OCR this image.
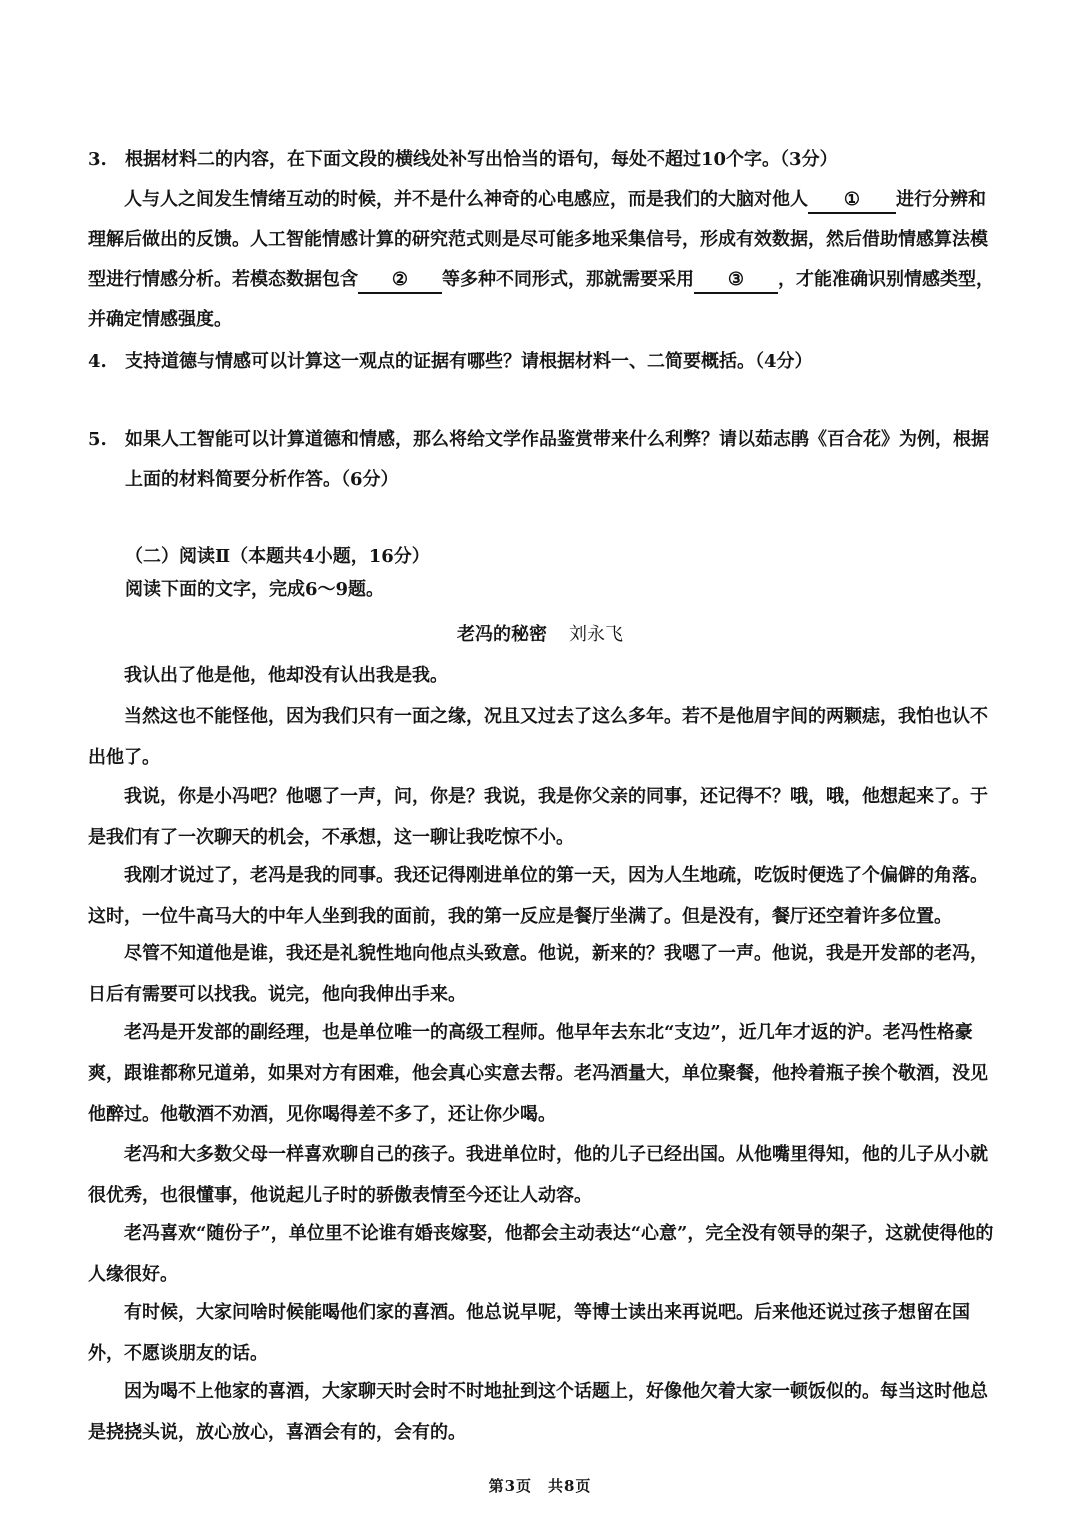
3.	根据材料二的内容，在下面文段的横线处补写出恰当的语句，每处不超过10个字。（3分）
人与人之间发生情绪互动的时候，并不是什么神奇的心电感应，而是我们的大脑对他人 ① 进行分辨和理解后做出的反馈。人工智能情感计算的研究范式则是尽可能多地采集信号，形成有效数据，然后借助情感算法模型进行情感分析。若模态数据包含 ② 等多种不同形式，那就需要采用 ③ ，才能准确识别情感类型，并确定情感强度。
4.	支持道德与情感可以计算这一观点的证据有哪些？请根据材料一、二简要概括。（4分）
5.	如果人工智能可以计算道德和情感，那么将给文学作品鉴赏带来什么利弊？请以茹志鹃《百合花》为例，根据上面的材料简要分析作答。（6分）
（二）阅读Ⅱ（本题共4小题，16分）
阅读下面的文字，完成6～9题。
老冯的秘密 刘永飞
我认出了他是他，他却没有认出我是我。
当然这也不能怪他，因为我们只有一面之缘，况且又过去了这么多年。若不是他眉宇间的两颗痣，我怕也认不出他了。
我说，你是小冯吧？他嗯了一声，问，你是？我说，我是你父亲的同事，还记得不？哦，哦，他想起来了。于是我们有了一次聊天的机会，不承想，这一聊让我吃惊不小。
我刚才说过了，老冯是我的同事。我还记得刚进单位的第一天，因为人生地疏，吃饭时便选了个偏僻的角落。这时，一位牛高马大的中年人坐到我的面前，我的第一反应是餐厅坐满了。但是没有，餐厅还空着许多位置。
尽管不知道他是谁，我还是礼貌性地向他点头致意。他说，新来的？我嗯了一声。他说，我是开发部的老冯，日后有需要可以找我。说完，他向我伸出手来。
老冯是开发部的副经理，也是单位唯一的高级工程师。他早年去东北“支边”，近几年才返的沪。老冯性格豪爽，跟谁都称兄道弟，如果对方有困难，他会真心实意去帮。老冯酒量大，单位聚餐，他拎着瓶子挨个敬酒，没见他醉过。他敬酒不劝酒，见你喝得差不多了，还让你少喝。
老冯和大多数父母一样喜欢聊自己的孩子。我进单位时，他的儿子已经出国。从他嘴里得知，他的儿子从小就很优秀，也很懂事，他说起儿子时的骄傲表情至今还让人动容。
老冯喜欢“随份子”，单位里不论谁有婚丧嫁娶，他都会主动表达“心意”，完全没有领导的架子，这就使得他的人缘很好。
有时候，大家问啥时候能喝他们家的喜酒。他总说早呢，等博士读出来再说吧。后来他还说过孩子想留在国外，不愿谈朋友的话。
因为喝不上他家的喜酒，大家聊天时会时不时地扯到这个话题上，好像他欠着大家一顿饭似的。每当这时他总是挠挠头说，放心放心，喜酒会有的，会有的。
第3页　共8页
